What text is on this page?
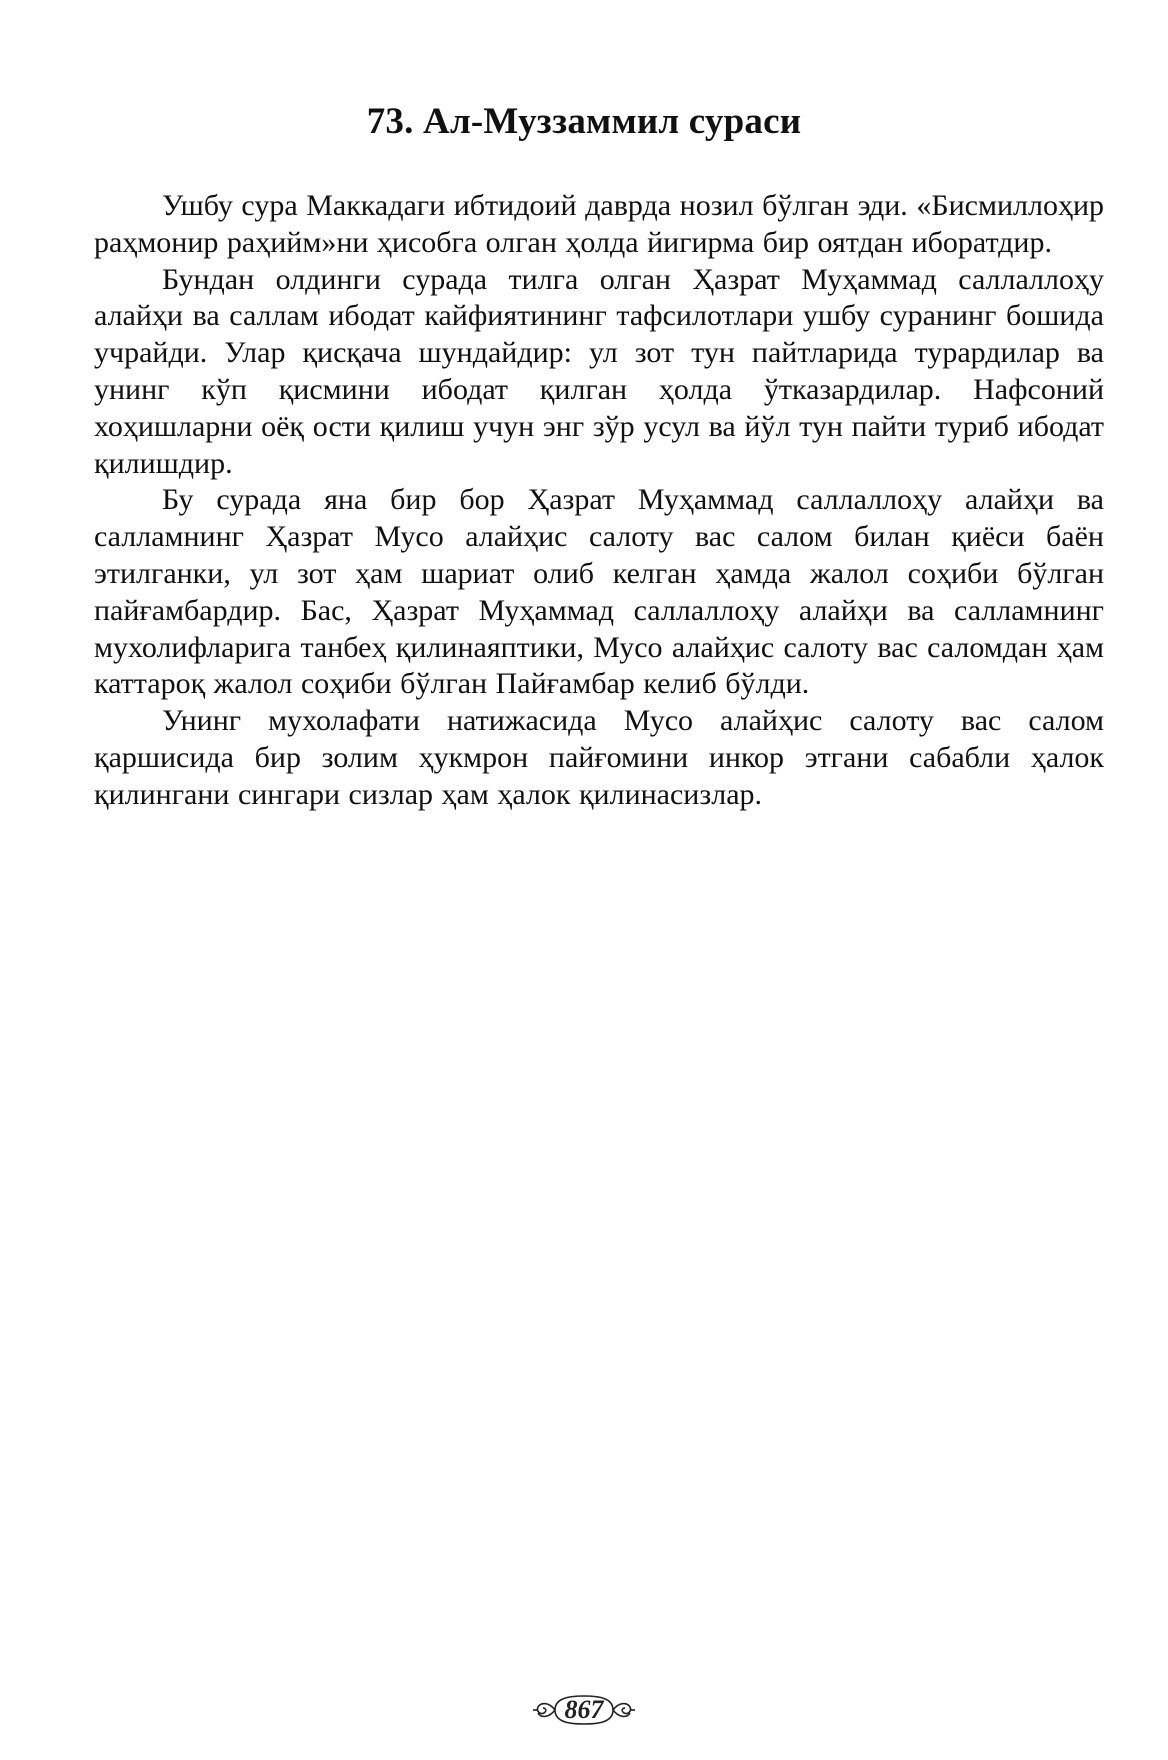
73. Ал-Муззаммил сураси

Ушбу сура Маккадаги ибтидоий даврда нозил бўлган эди. «Бисмиллоҳир раҳмонир раҳийм»ни ҳисобга олган ҳолда йигирма бир оятдан иборатдир.

Бундан олдинги сурада тилга олган Ҳазрат Муҳаммад саллаллоҳу алайҳи ва саллам ибодат кайфиятининг тафсилотлари ушбу суранинг бошида учрайди. Улар қисқача шундайдир: ул зот тун пайтларида турардилар ва унинг кўп қисмини ибодат қилган ҳолда ўтказардилар. Нафсоний хоҳишларни оёқ ости қилиш учун энг зўр усул ва йўл тун пайти туриб ибодат қилишдир.

Бу сурада яна бир бор Ҳазрат Муҳаммад саллаллоҳу алайҳи ва салламнинг Ҳазрат Мусо алайҳис салоту вас салом билан қиёси баён этилганки, ул зот ҳам шариат олиб келган ҳамда жалол соҳиби бўлган пайғамбардир. Бас, Ҳазрат Муҳаммад саллаллоҳу алайҳи ва салламнинг мухолифларига танбеҳ қилинаяптики, Мусо алайҳис салоту вас саломдан ҳам каттароқ жалол соҳиби бўлган Пайғамбар келиб бўлди.

Унинг мухолафати натижасида Мусо алайҳис салоту вас салом қаршисида бир золим ҳукмрон пайғомини инкор этгани сабабли ҳалок қилингани сингари сизлар ҳам ҳалок қилинасизлар.

867
